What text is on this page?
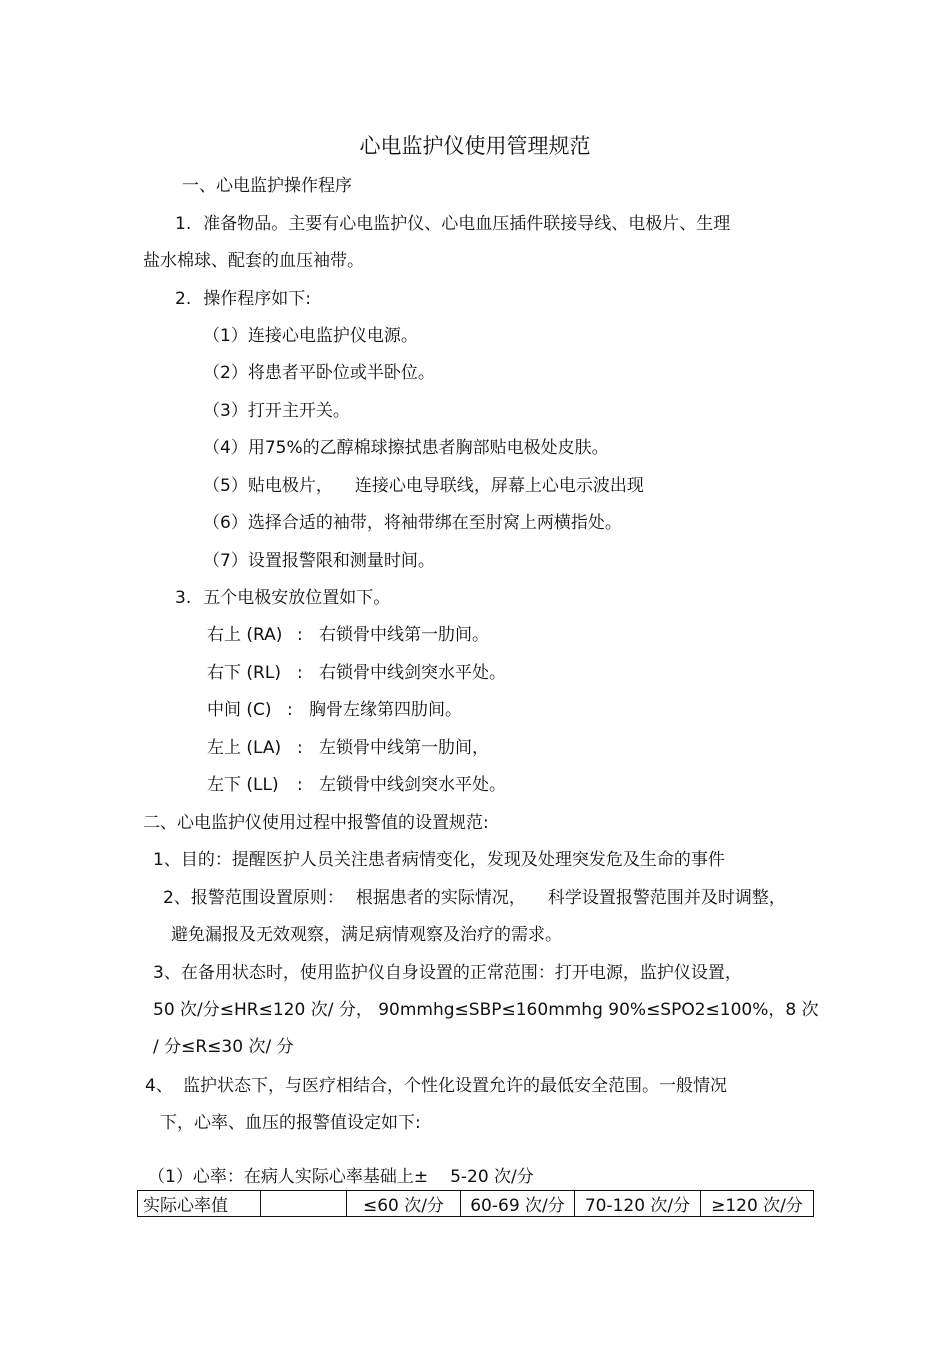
心电监护仪使用管理规范
一、心电监护操作程序
1. 准备物品。主要有心电监护仪、心电血压插件联接导线、电极片、生理
盐水棉球、配套的血压袖带。
2. 操作程序如下:
（1）连接心电监护仪电源。
（2）将患者平卧位或半卧位。
（3）打开主开关。
（4）用75%的乙醇棉球擦拭患者胸部贴电极处皮肤。
（5）贴电极片， 连接心电导联线，屏幕上心电示波出现
（6）选择合适的袖带，将袖带绑在至肘窝上两横指处。
（7）设置报警限和测量时间。
3. 五个电极安放位置如下。
右上 (RA) : 右锁骨中线第一肋间。
右下 (RL) : 右锁骨中线剑突水平处。
中间 (C) : 胸骨左缘第四肋间。
左上 (LA) : 左锁骨中线第一肋间，
左下 (LL) : 左锁骨中线剑突水平处。
二、心电监护仪使用过程中报警值的设置规范:
1、目的：提醒医护人员关注患者病情变化，发现及处理突发危及生命的事件
2、报警范围设置原则： 根据患者的实际情况， 科学设置报警范围并及时调整，
避免漏报及无效观察，满足病情观察及治疗的需求。
3、在备用状态时，使用监护仪自身设置的正常范围：打开电源，监护仪设置，
50 次/分≤HR≤120 次/ 分， 90mmhg≤SBP≤160mmhg 90%≤SPO2≤100%，8 次
/ 分≤R≤30 次/ 分
4、 监护状态下，与医疗相结合，个性化设置允许的最低安全范围。一般情况
下，心率、血压的报警值设定如下:
（1）心率：在病人实际心率基础上± 5-20 次/分
实际心率值		≤60 次/分	60-69 次/分	70-120 次/分	≥120 次/分
